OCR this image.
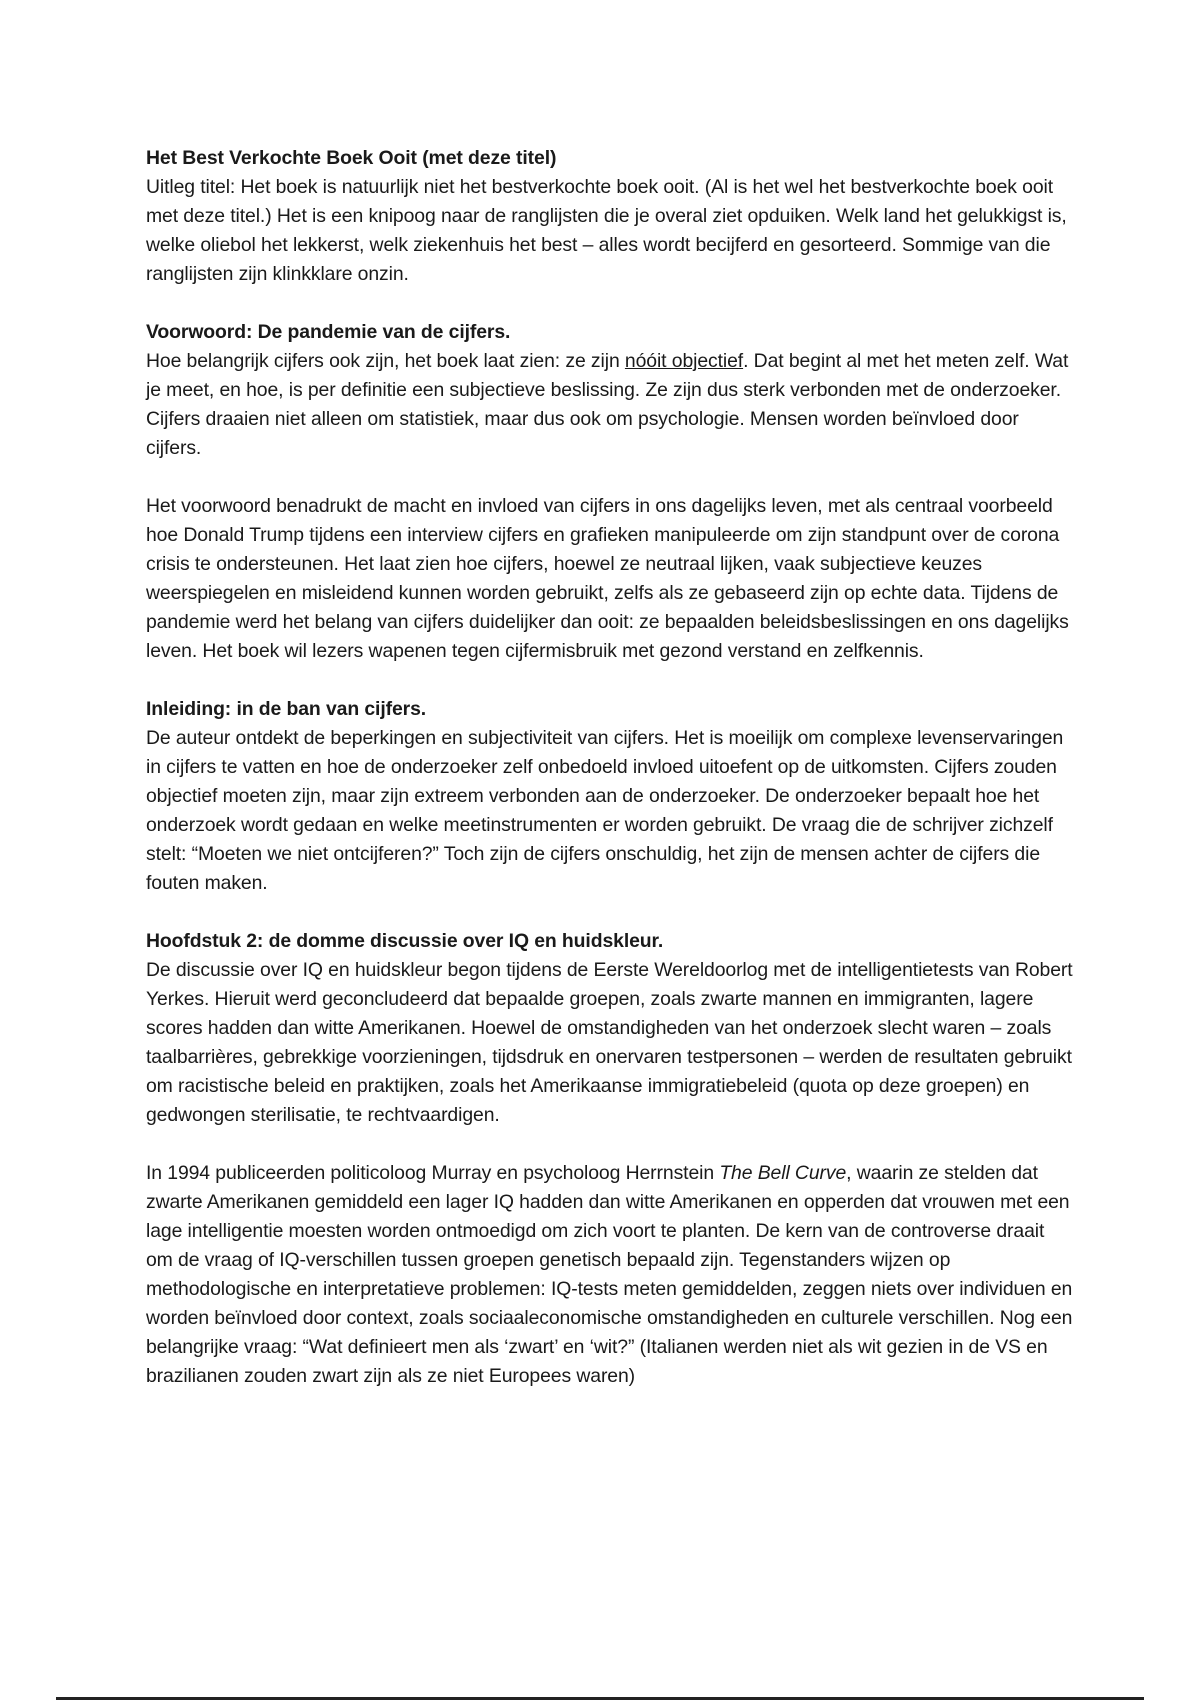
Het Best Verkochte Boek Ooit (met deze titel)

Uitleg titel: Het boek is natuurlijk niet het bestverkochte boek ooit. (Al is het wel het bestverkochte boek ooit met deze titel.) Het is een knipoog naar de ranglijsten die je overal ziet opduiken. Welk land het gelukkigst is, welke oliebol het lekkerst, welk ziekenhuis het best – alles wordt becijferd en gesorteerd. Sommige van die ranglijsten zijn klinkklare onzin.

Voorwoord: De pandemie van de cijfers.

Hoe belangrijk cijfers ook zijn, het boek laat zien: ze zijn nóóit objectief. Dat begint al met het meten zelf. Wat je meet, en hoe, is per definitie een subjectieve beslissing. Ze zijn dus sterk verbonden met de onderzoeker. Cijfers draaien niet alleen om statistiek, maar dus ook om psychologie. Mensen worden beïnvloed door cijfers.

Het voorwoord benadrukt de macht en invloed van cijfers in ons dagelijks leven, met als centraal voorbeeld hoe Donald Trump tijdens een interview cijfers en grafieken manipuleerde om zijn standpunt over de corona crisis te ondersteunen. Het laat zien hoe cijfers, hoewel ze neutraal lijken, vaak subjectieve keuzes weerspiegelen en misleidend kunnen worden gebruikt, zelfs als ze gebaseerd zijn op echte data. Tijdens de pandemie werd het belang van cijfers duidelijker dan ooit: ze bepaalden beleidsbeslissingen en ons dagelijks leven. Het boek wil lezers wapenen tegen cijfermisbruik met gezond verstand en zelfkennis.

Inleiding: in de ban van cijfers.

De auteur ontdekt de beperkingen en subjectiviteit van cijfers. Het is moeilijk om complexe levenservaringen in cijfers te vatten en hoe de onderzoeker zelf onbedoeld invloed uitoefent op de uitkomsten. Cijfers zouden objectief moeten zijn, maar zijn extreem verbonden aan de onderzoeker. De onderzoeker bepaalt hoe het onderzoek wordt gedaan en welke meetinstrumenten er worden gebruikt. De vraag die de schrijver zichzelf stelt: “Moeten we niet ontcijferen?” Toch zijn de cijfers onschuldig, het zijn de mensen achter de cijfers die fouten maken.

Hoofdstuk 2: de domme discussie over IQ en huidskleur.

De discussie over IQ en huidskleur begon tijdens de Eerste Wereldoorlog met de intelligentietests van Robert Yerkes. Hieruit werd geconcludeerd dat bepaalde groepen, zoals zwarte mannen en immigranten, lagere scores hadden dan witte Amerikanen. Hoewel de omstandigheden van het onderzoek slecht waren – zoals taalbarrières, gebrekkige voorzieningen, tijdsdruk en onervaren testpersonen – werden de resultaten gebruikt om racistische beleid en praktijken, zoals het Amerikaanse immigratiebeleid (quota op deze groepen) en gedwongen sterilisatie, te rechtvaardigen.

In 1994 publiceerden politicoloog Murray en psycholoog Herrnstein The Bell Curve, waarin ze stelden dat zwarte Amerikanen gemiddeld een lager IQ hadden dan witte Amerikanen en opperden dat vrouwen met een lage intelligentie moesten worden ontmoedigd om zich voort te planten. De kern van de controverse draait om de vraag of IQ-verschillen tussen groepen genetisch bepaald zijn. Tegenstanders wijzen op methodologische en interpretatieve problemen: IQ-tests meten gemiddelden, zeggen niets over individuen en worden beïnvloed door context, zoals sociaaleconomische omstandigheden en culturele verschillen. Nog een belangrijke vraag: “Wat definieert men als ‘zwart’ en ‘wit?” (Italianen werden niet als wit gezien in de VS en brazilianen zouden zwart zijn als ze niet Europees waren)
